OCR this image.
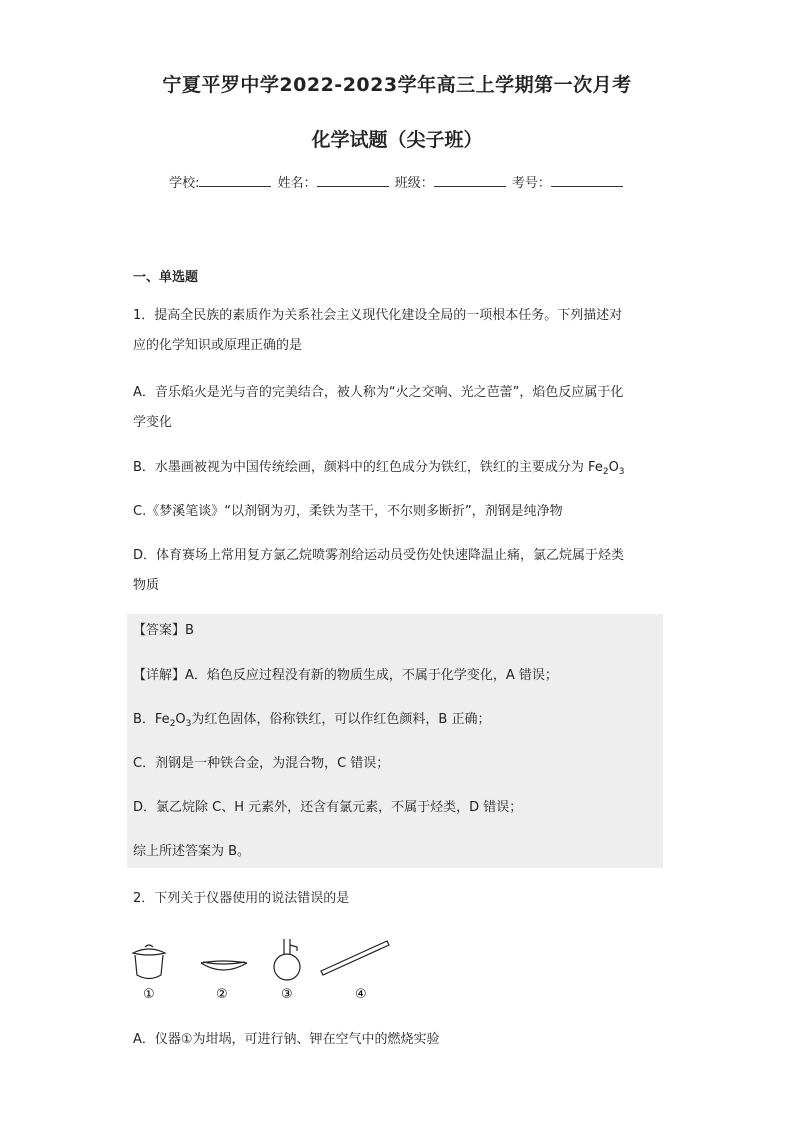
宁夏平罗中学2022-2023学年高三上学期第一次月考
化学试题（尖子班）
学校:	姓名：	班级：	考号：
一、单选题
1．提高全民族的素质作为关系社会主义现代化建设全局的一项根本任务。下列描述对
应的化学知识或原理正确的是
A．音乐焰火是光与音的完美结合，被人称为“火之交响、光之芭蕾”，焰色反应属于化
学变化
B．水墨画被视为中国传统绘画，颜料中的红色成分为铁红，铁红的主要成分为 $Fe_2O_3$
C.《梦溪笔谈》“以剂钢为刃，柔铁为茎干，不尔则多断折”，剂钢是纯净物
D．体育赛场上常用复方氯乙烷喷雾剂给运动员受伤处快速降温止痛，氯乙烷属于烃类
物质
【答案】B
【详解】A．焰色反应过程没有新的物质生成，不属于化学变化，A 错误；
B．$Fe_2O_3$为红色固体，俗称铁红，可以作红色颜料，B 正确；
C．剂钢是一种铁合金，为混合物，C 错误；
D．氯乙烷除 C、H 元素外，还含有氯元素，不属于烃类，D 错误；
综上所述答案为 B。
2．下列关于仪器使用的说法错误的是
①	②	③	④
A．仪器①为坩埚，可进行钠、钾在空气中的燃烧实验
